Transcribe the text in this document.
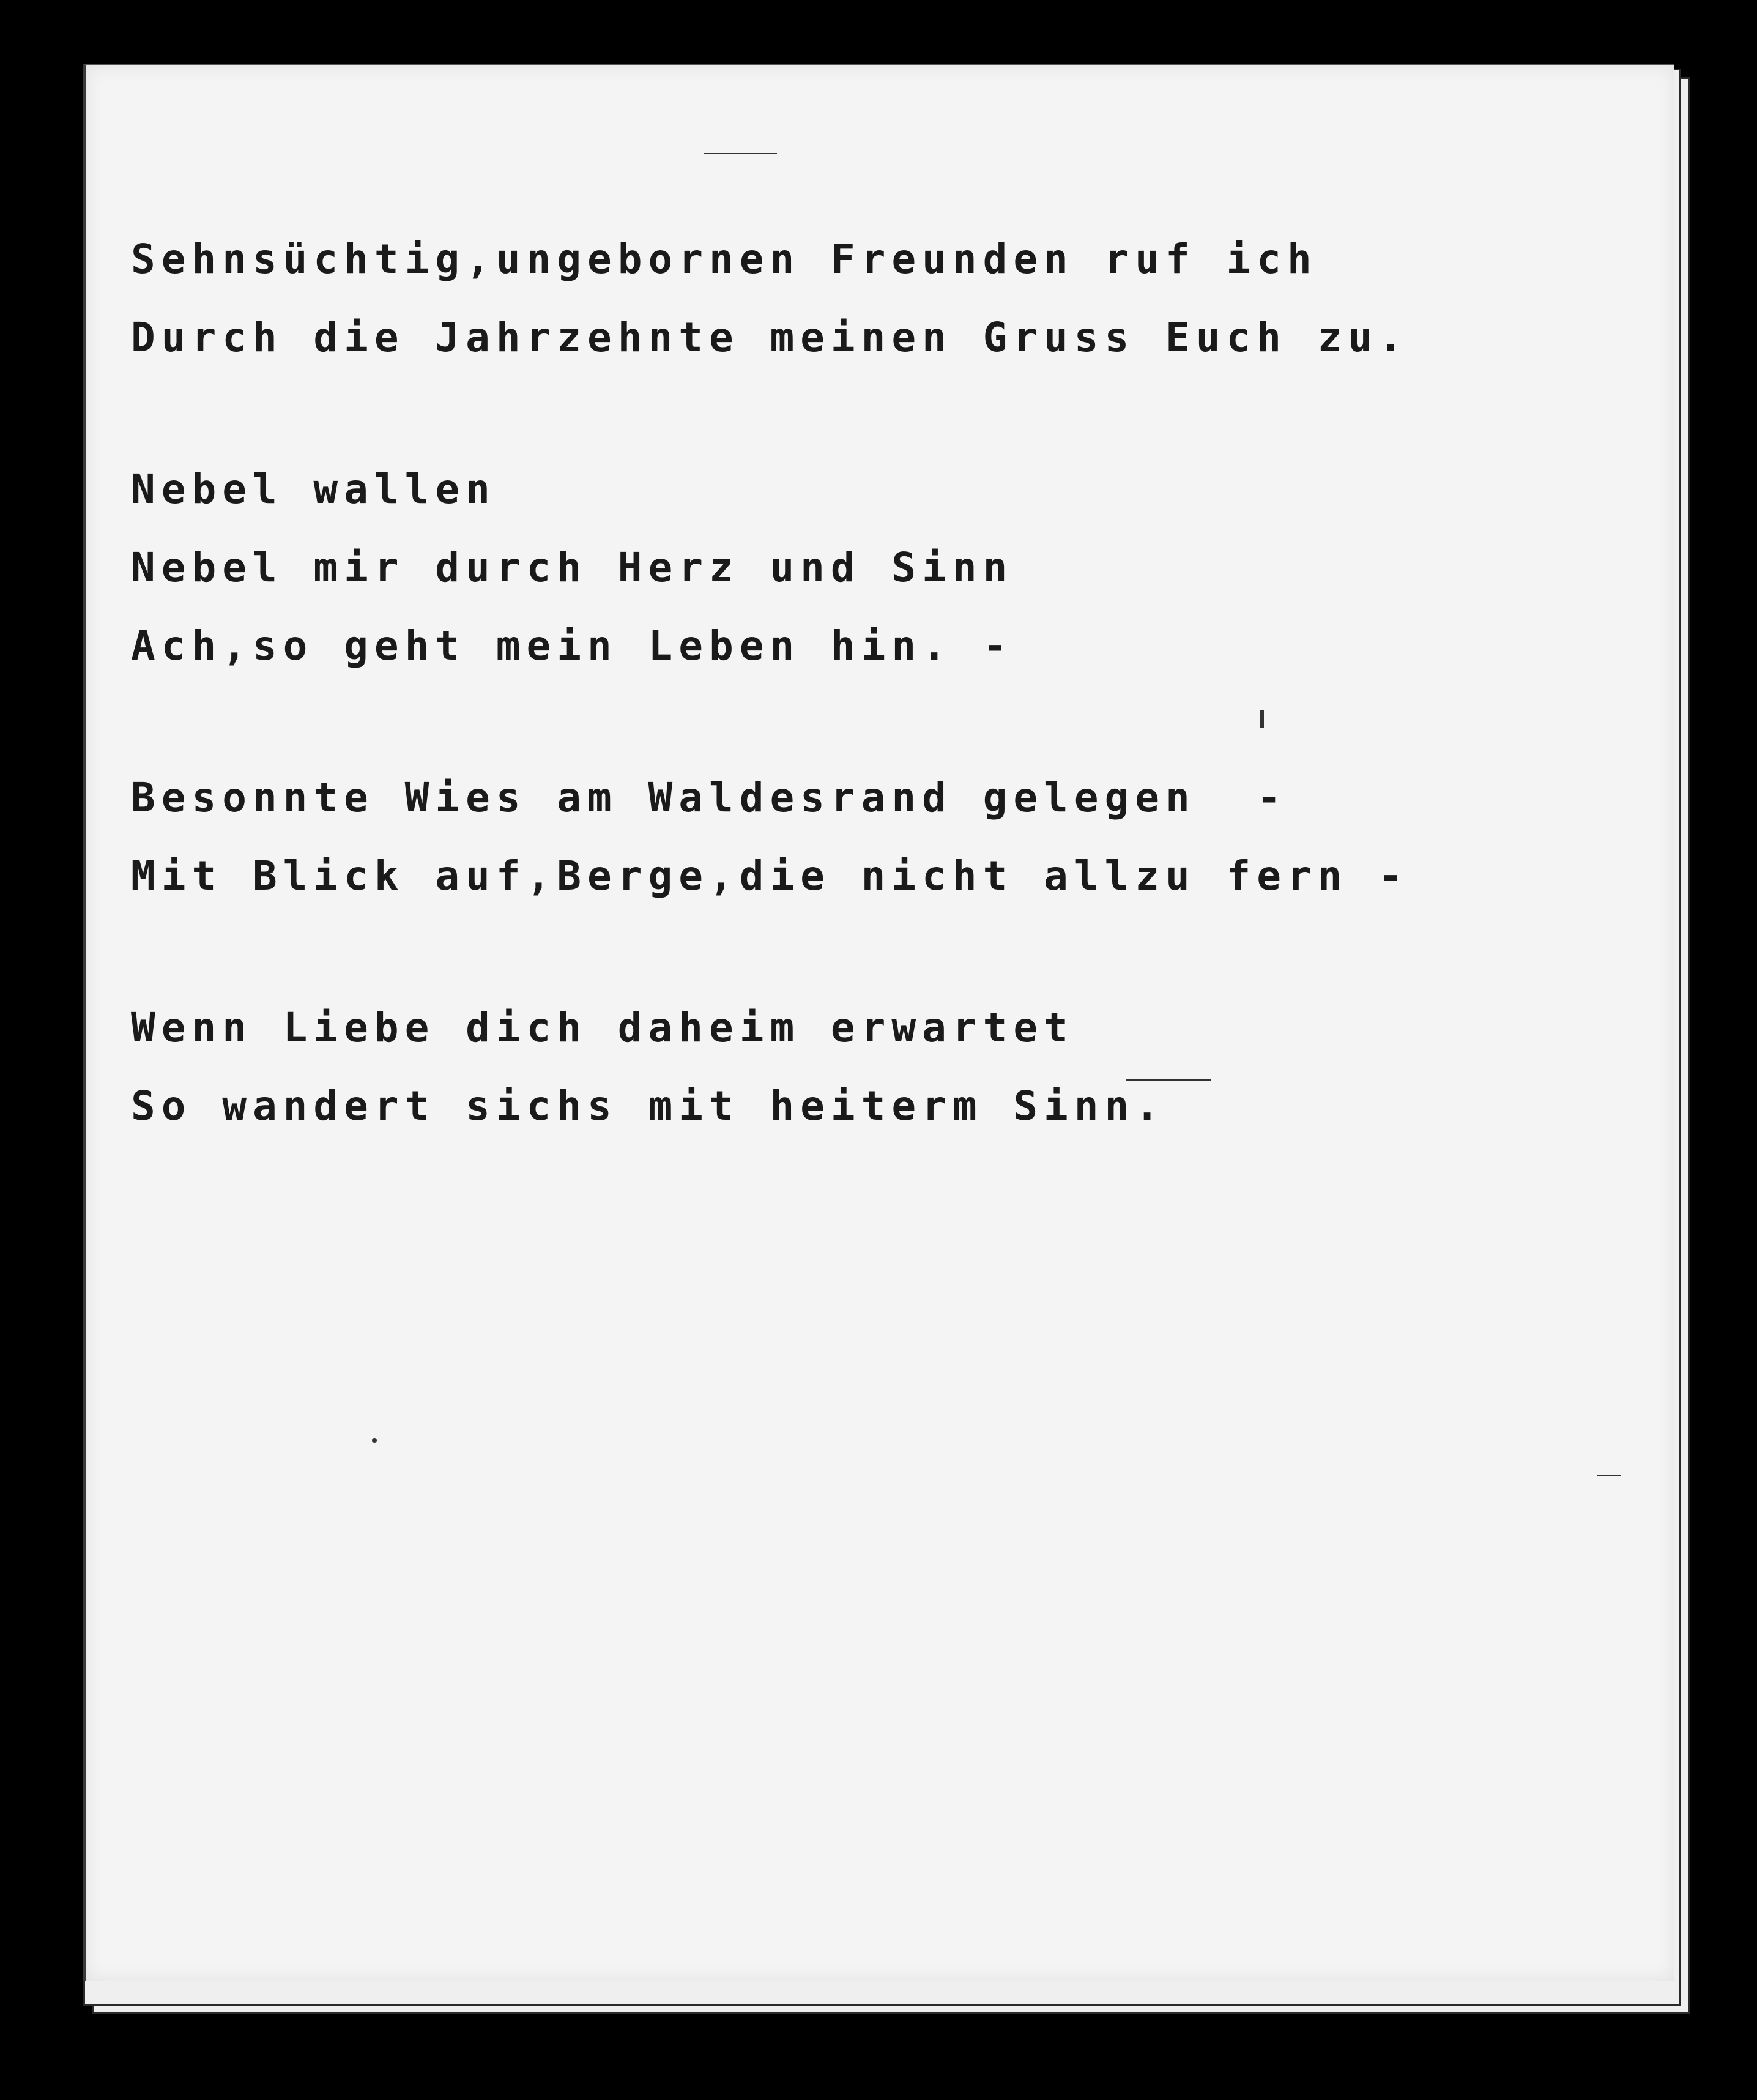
Sehnsüchtig,ungebornen Freunden ruf ich
Durch die Jahrzehnte meinen Gruss Euch zu.
Nebel wallen
Nebel mir durch Herz und Sinn
Ach,so geht mein Leben hin. -
Besonnte Wies am Waldesrand gelegen  -
Mit Blick auf,Berge,die nicht allzu fern -
Wenn Liebe dich daheim erwartet
So wandert sichs mit heiterm Sinn.
